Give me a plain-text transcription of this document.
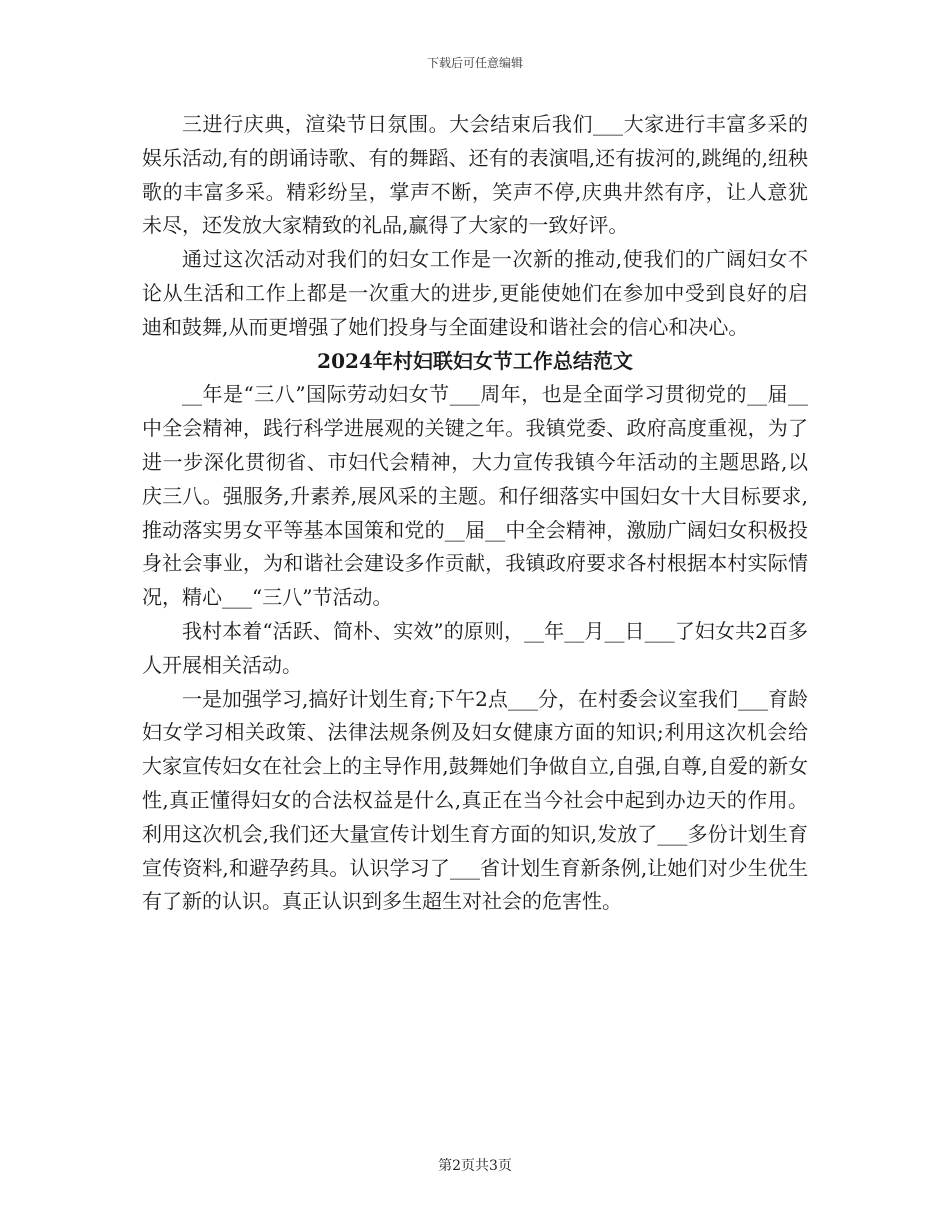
下载后可任意编辑

三进行庆典，渲染节日氛围。大会结束后我们___大家进行丰富多采的娱乐活动,有的朗诵诗歌、有的舞蹈、还有的表演唱,还有拔河的,跳绳的,纽秧歌的丰富多采。精彩纷呈，掌声不断，笑声不停,庆典井然有序，让人意犹未尽，还发放大家精致的礼品,赢得了大家的一致好评。

通过这次活动对我们的妇女工作是一次新的推动,使我们的广阔妇女不论从生活和工作上都是一次重大的进步,更能使她们在参加中受到良好的启迪和鼓舞,从而更增强了她们投身与全面建设和谐社会的信心和决心。

2024年村妇联妇女节工作总结范文

__年是“三八”国际劳动妇女节___周年，也是全面学习贯彻党的__届__中全会精神，践行科学进展观的关键之年。我镇党委、政府高度重视，为了进一步深化贯彻省、市妇代会精神，大力宣传我镇今年活动的主题思路,以庆三八。强服务,升素养,展风采的主题。和仔细落实中国妇女十大目标要求,推动落实男女平等基本国策和党的__届__中全会精神，激励广阔妇女积极投身社会事业，为和谐社会建设多作贡献，我镇政府要求各村根据本村实际情况，精心___“三八”节活动。

我村本着“活跃、简朴、实效”的原则，__年__月__日___了妇女共2百多人开展相关活动。

一是加强学习,搞好计划生育;下午2点___分，在村委会议室我们___育龄妇女学习相关政策、法律法规条例及妇女健康方面的知识;利用这次机会给大家宣传妇女在社会上的主导作用,鼓舞她们争做自立,自强,自尊,自爱的新女性,真正懂得妇女的合法权益是什么,真正在当今社会中起到办边天的作用。利用这次机会,我们还大量宣传计划生育方面的知识,发放了___多份计划生育宣传资料,和避孕药具。认识学习了___省计划生育新条例,让她们对少生优生有了新的认识。真正认识到多生超生对社会的危害性。

第2页共3页
